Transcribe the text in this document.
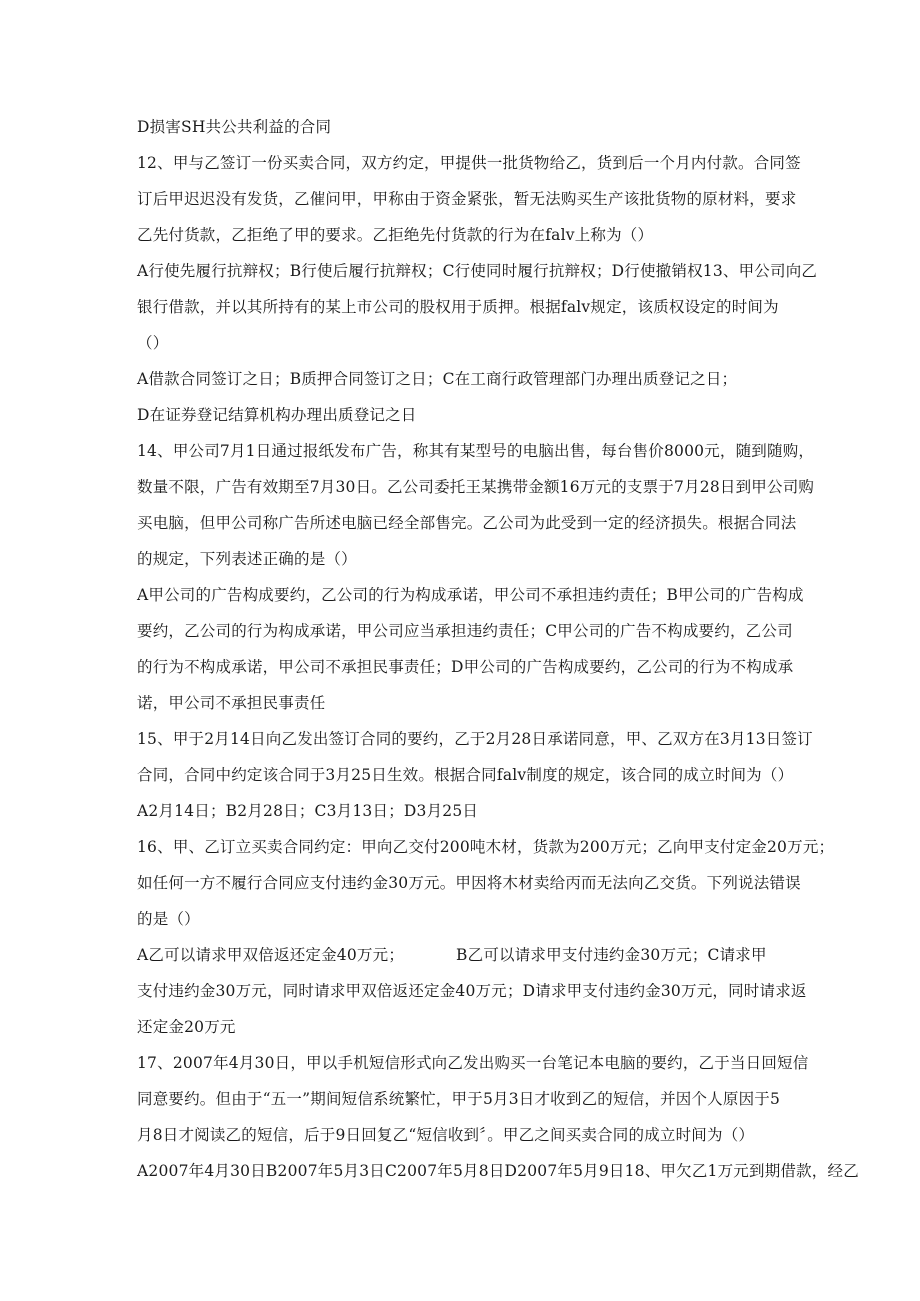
D损害SH共公共利益的合同
12、甲与乙签订一份买卖合同，双方约定，甲提供一批货物给乙，货到后一个月内付款。合同签
订后甲迟迟没有发货，乙催问甲，甲称由于资金紧张，暂无法购买生产该批货物的原材料，要求
乙先付货款，乙拒绝了甲的要求。乙拒绝先付货款的行为在falv上称为（）
A行使先履行抗辩权；B行使后履行抗辩权；C行使同时履行抗辩权；D行使撤销权13、甲公司向乙
银行借款，并以其所持有的某上市公司的股权用于质押。根据falv规定，该质权设定的时间为
（）
A借款合同签订之日；B质押合同签订之日；C在工商行政管理部门办理出质登记之日；
D在证券登记结算机构办理出质登记之日
14、甲公司7月1日通过报纸发布广告，称其有某型号的电脑出售，每台售价8000元，随到随购，
数量不限，广告有效期至7月30日。乙公司委托王某携带金额16万元的支票于7月28日到甲公司购
买电脑，但甲公司称广告所述电脑已经全部售完。乙公司为此受到一定的经济损失。根据合同法
的规定，下列表述正确的是（）
A甲公司的广告构成要约，乙公司的行为构成承诺，甲公司不承担违约责任；B甲公司的广告构成
要约，乙公司的行为构成承诺，甲公司应当承担违约责任；C甲公司的广告不构成要约，乙公司
的行为不构成承诺，甲公司不承担民事责任；D甲公司的广告构成要约，乙公司的行为不构成承
诺，甲公司不承担民事责任
15、甲于2月14日向乙发出签订合同的要约，乙于2月28日承诺同意，甲、乙双方在3月13日签订
合同，合同中约定该合同于3月25日生效。根据合同falv制度的规定，该合同的成立时间为（）
A2月14日；B2月28日；C3月13日；D3月25日
16、甲、乙订立买卖合同约定：甲向乙交付200吨木材，货款为200万元；乙向甲支付定金20万元；
如任何一方不履行合同应支付违约金30万元。甲因将木材卖给丙而无法向乙交货。下列说法错误
的是（）
A乙可以请求甲双倍返还定金40万元；	B乙可以请求甲支付违约金30万元；C请求甲
支付违约金30万元，同时请求甲双倍返还定金40万元；D请求甲支付违约金30万元，同时请求返
还定金20万元
17、2007年4月30日，甲以手机短信形式向乙发出购买一台笔记本电脑的要约，乙于当日回短信
同意要约。但由于“五一”期间短信系统繁忙，甲于5月3日才收到乙的短信，并因个人原因于5
月8日才阅读乙的短信，后于9日回复乙“短信收到〞。甲乙之间买卖合同的成立时间为（）
A2007年4月30日B2007年5月3日C2007年5月8日D2007年5月9日18、甲欠乙1万元到期借款，经乙
